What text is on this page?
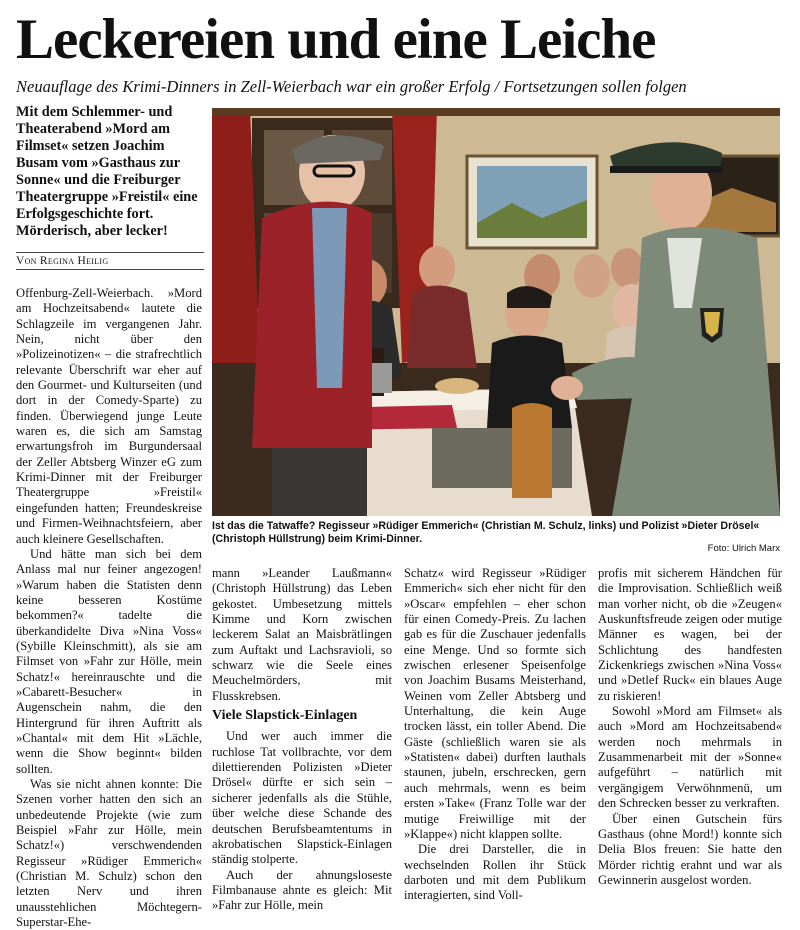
Leckereien und eine Leiche
Neuauflage des Krimi-Dinners in Zell-Weierbach war ein großer Erfolg / Fortsetzungen sollen folgen
Mit dem Schlemmer- und Theaterabend »Mord am Filmset« setzen Joachim Busam vom »Gasthaus zur Sonne« und die Freiburger Theatergruppe »Freistil« eine Erfolgsgeschichte fort. Mörderisch, aber lecker!
Von Regina Heilig

Offenburg-Zell-Weierbach. »Mord am Hochzeitsabend« lautete die Schlagzeile im vergangenen Jahr. Nein, nicht über den »Polizeinotizen« – die strafrechtlich relevante Überschrift war eher auf den Gourmet- und Kulturseiten (und dort in der Comedy-Sparte) zu finden. Überwiegend junge Leute waren es, die sich am Samstag erwartungsfroh im Burgundersaal der Zeller Abtsberg Winzer eG zum Krimi-Dinner mit der Freiburger Theatergruppe »Freistil« eingefunden hatten; Freundeskreise und Firmen-Weihnachtsfeiern, aber auch kleinere Gesellschaften.

Und hätte man sich bei dem Anlass mal nur feiner angezogen! »Warum haben die Statisten denn keine besseren Kostüme bekommen?« tadelte die überkandidelte Diva »Nina Voss« (Sybille Kleinschmitt), als sie am Filmset von »Fahr zur Hölle, mein Schatz!« hereinrauschte und die »Cabarett-Besucher« in Augenschein nahm, die den Hintergrund für ihren Auftritt als »Chantal« mit dem Hit »Lächle, wenn die Show beginnt« bilden sollten.

Was sie nicht ahnen konnte: Die Szenen vorher hatten den sich an unbedeutende Projekte (wie zum Beispiel »Fahr zur Hölle, mein Schatz!«) verschwendenden Regisseur »Rüdiger Emmerich« (Christian M. Schulz) schon den letzten Nerv und ihren unausstehlichen Möchtegern-Superstar-Ehe-

Ist das die Tatwaffe? Regisseur »Rüdiger Emmerich« (Christian M. Schulz, links) und Polizist »Dieter Drösel« (Christoph Hüllstrung) beim Krimi-Dinner.
Foto: Ulrich Marx

mann »Leander Laußmann« (Christoph Hüllstrung) das Leben gekostet. Umbesetzung mittels Kimme und Korn zwischen leckerem Salat an Maisbrätlingen zum Auftakt und Lachsravioli, so schwarz wie die Seele eines Meuchelmörders, mit Flusskrebsen.

Viele Slapstick-Einlagen

Und wer auch immer die ruchlose Tat vollbrachte, vor dem dilettierenden Polizisten »Dieter Drösel« dürfte er sich sein – sicherer jedenfalls als die Stühle, über welche diese Schande des deutschen Berufsbeamtentums in akrobatischen Slapstick-Einlagen ständig stolperte.

Auch der ahnungsloseste Filmbanause ahnte es gleich: Mit »Fahr zur Hölle, mein

Schatz« wird Regisseur »Rüdiger Emmerich« sich eher nicht für den »Oscar« empfehlen – eher schon für einen Comedy-Preis. Zu lachen gab es für die Zuschauer jedenfalls eine Menge. Und so formte sich zwischen erlesener Speisenfolge von Joachim Busams Meisterhand, Weinen vom Zeller Abtsberg und Unterhaltung, die kein Auge trocken lässt, ein toller Abend. Die Gäste (schließlich waren sie als »Statisten« dabei) durften lauthals staunen, jubeln, erschrecken, gern auch mehrmals, wenn es beim ersten »Take« (Franz Tolle war der mutige Freiwillige mit der »Klappe«) nicht klappen sollte.

Die drei Darsteller, die in wechselnden Rollen ihr Stück darboten und mit dem Publikum interagierten, sind Voll-

profis mit sicherem Händchen für die Improvisation. Schließlich weiß man vorher nicht, ob die »Zeugen« Auskunftsfreude zeigen oder mutige Männer es wagen, bei der Schlichtung des handfesten Zickenkriegs zwischen »Nina Voss« und »Detlef Ruck« ein blaues Auge zu riskieren!

Sowohl »Mord am Filmset« als auch »Mord am Hochzeitsabend« werden noch mehrmals in Zusammenarbeit mit der »Sonne« aufgeführt – natürlich mit vergängigem Verwöhnmenü, um den Schrecken besser zu verkraften.

Über einen Gutschein fürs Gasthaus (ohne Mord!) konnte sich Delia Blos freuen: Sie hatte den Mörder richtig erahnt und war als Gewinnerin ausgelost worden.
